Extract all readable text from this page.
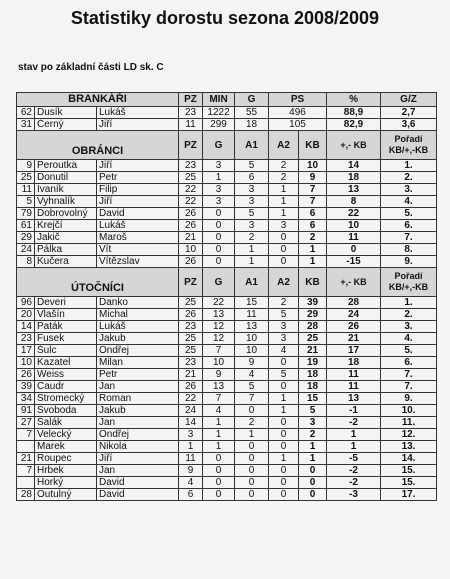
Statistiky dorostu sezona 2008/2009
stav po základní části LD sk. C
BRANKÁŘI			PZ	MIN	G	PS		%	G/Z
62	Dusík	Lukáš	23	1222	55	496		88,9	2,7
31	Černý	Jiří	11	299	18	105		82,9	3,6
OBRÁNCI			PZ	G	A1	A2	KB	+,- KB	Pořadí KB/+,-KB
9	Peroutka	Jiří	23	3	5	2	10	14	1.
25	Donutil	Petr	25	1	6	2	9	18	2.
11	Ivaník	Filip	22	3	3	1	7	13	3.
5	Vyhnalík	Jiří	22	3	3	1	7	8	4.
79	Dobrovolný	David	26	0	5	1	6	22	5.
61	Krejčí	Lukáš	26	0	3	3	6	10	6.
29	Jakič	Maroš	21	0	2	0	2	11	7.
24	Pálka	Vít	10	0	1	0	1	0	8.
8	Kučera	Vítězslav	26	0	1	0	1	-15	9.
ÚTOČNÍCI			PZ	G	A1	A2	KB	+,- KB	Pořadí KB/+,-KB
96	Deveri	Danko	25	22	15	2	39	28	1.
20	Vlašín	Michal	26	13	11	5	29	24	2.
14	Paták	Lukáš	23	12	13	3	28	26	3.
23	Fusek	Jakub	25	12	10	3	25	21	4.
17	Šulc	Ondřej	25	7	10	4	21	17	5.
10	Kazatel	Milan	23	10	9	0	19	18	6.
26	Weiss	Petr	21	9	4	5	18	11	7.
39	Caudr	Jan	26	13	5	0	18	11	7.
34	Stromecký	Roman	22	7	7	1	15	13	9.
91	Svoboda	Jakub	24	4	0	1	5	-1	10.
27	Salák	Jan	14	1	2	0	3	-2	11.
7	Velecký	Ondřej	3	1	1	0	2	1	12.
	Marek	Nikola	1	1	0	0	1	1	13.
21	Roupec	Jiří	11	0	0	1	1	-5	14.
7	Hrbek	Jan	9	0	0	0	0	-2	15.
	Horký	David	4	0	0	0	0	-2	15.
28	Outulný	David	6	0	0	0	0	-3	17.
